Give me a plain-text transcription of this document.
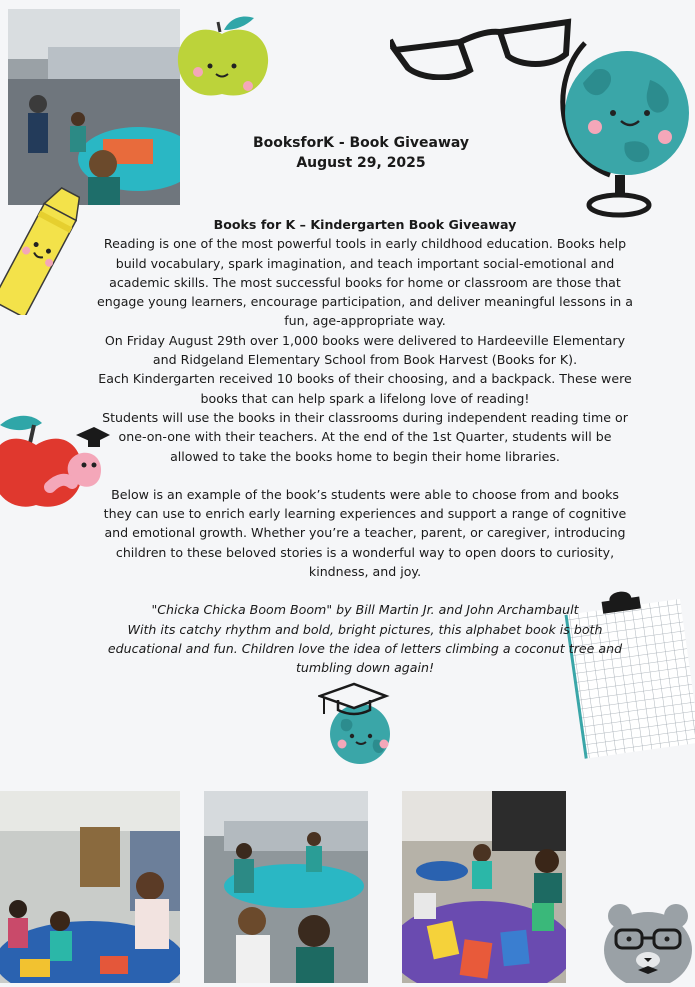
BooksforK - Book Giveaway
August 29, 2025

Books for K – Kindergarten Book Giveaway

Reading is one of the most powerful tools in early childhood education. Books help

build vocabulary, spark imagination, and teach important social-emotional and

academic skills. The most successful books for home or classroom are those that

engage young learners, encourage participation, and deliver meaningful lessons in a

fun, age-appropriate way.

On Friday August 29th over 1,000 books were delivered to Hardeeville Elementary

and Ridgeland Elementary School from Book Harvest (Books for K).

Each Kindergarten received 10 books of their choosing, and a backpack. These were

books that can help spark a lifelong love of reading!

Students will use the books in their classrooms during independent reading time or

one-on-one with their teachers. At the end of the 1st Quarter, students will be

allowed to take the books home to begin their home libraries.

Below is an example of the book’s students were able to choose from and books

they can use to enrich early learning experiences and support a range of cognitive

and emotional growth. Whether you’re a teacher, parent, or caregiver, introducing

children to these beloved stories is a wonderful way to open doors to curiosity,

kindness, and joy.

"Chicka Chicka Boom Boom" by Bill Martin Jr. and John Archambault

With its catchy rhythm and bold, bright pictures, this alphabet book is both

educational and fun. Children love the idea of letters climbing a coconut tree and

tumbling down again!
